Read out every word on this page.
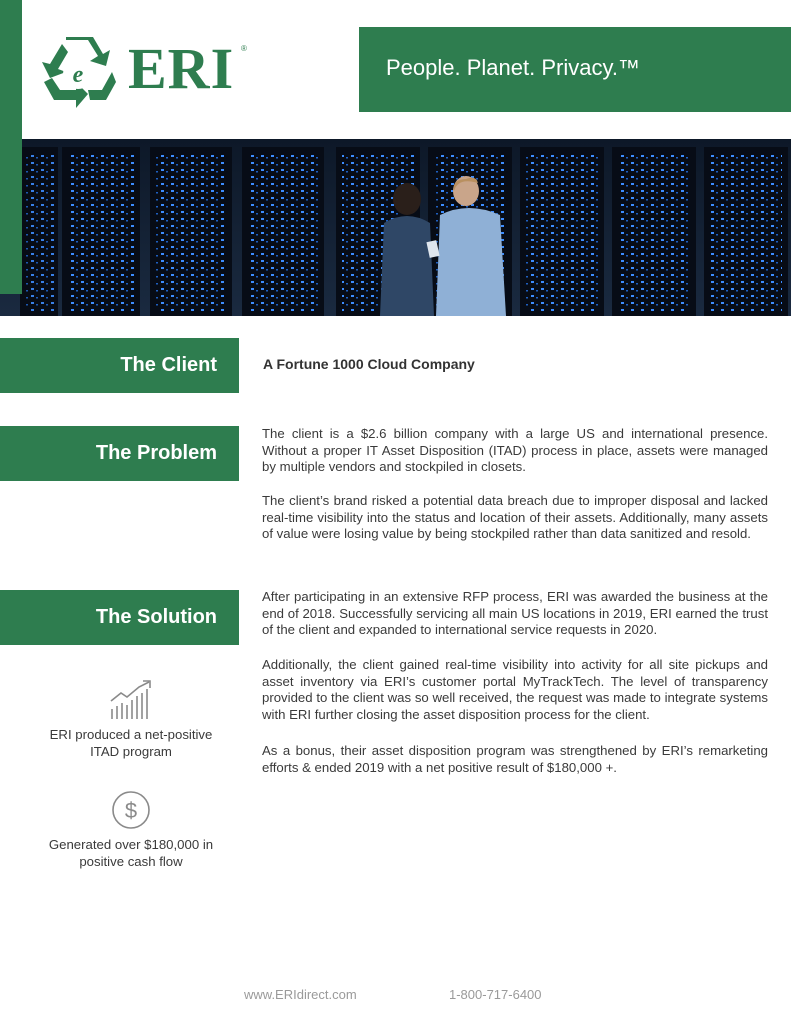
e ERI ®
People. Planet. Privacy.™
The Client	A Fortune 1000 Cloud Company
The Problem
The client is a $2.6 billion company with a large US and international presence. Without a proper IT Asset Disposition (ITAD) process in place, assets were managed by multiple vendors and stockpiled in closets.
The client’s brand risked a potential data breach due to improper disposal and lacked real-time visibility into the status and location of their assets. Additionally, many assets of value were losing value by being stockpiled rather than data sanitized and resold.
The Solution
After participating in an extensive RFP process, ERI was awarded the business at the end of 2018. Successfully servicing all main US locations in 2019, ERI earned the trust of the client and expanded to international service requests in 2020.
Additionally, the client gained real-time visibility into activity for all site pickups and asset inventory via ERI’s customer portal MyTrackTech. The level of transparency provided to the client was so well received, the request was made to integrate systems with ERI further closing the asset disposition process for the client.
As a bonus, their asset disposition program was strengthened by ERI’s remarketing efforts & ended 2019 with a net positive result of $180,000 +.
ERI produced a net-positive
ITAD program
$
Generated over $180,000 in
positive cash flow
www.ERIdirect.com	1-800-717-6400
